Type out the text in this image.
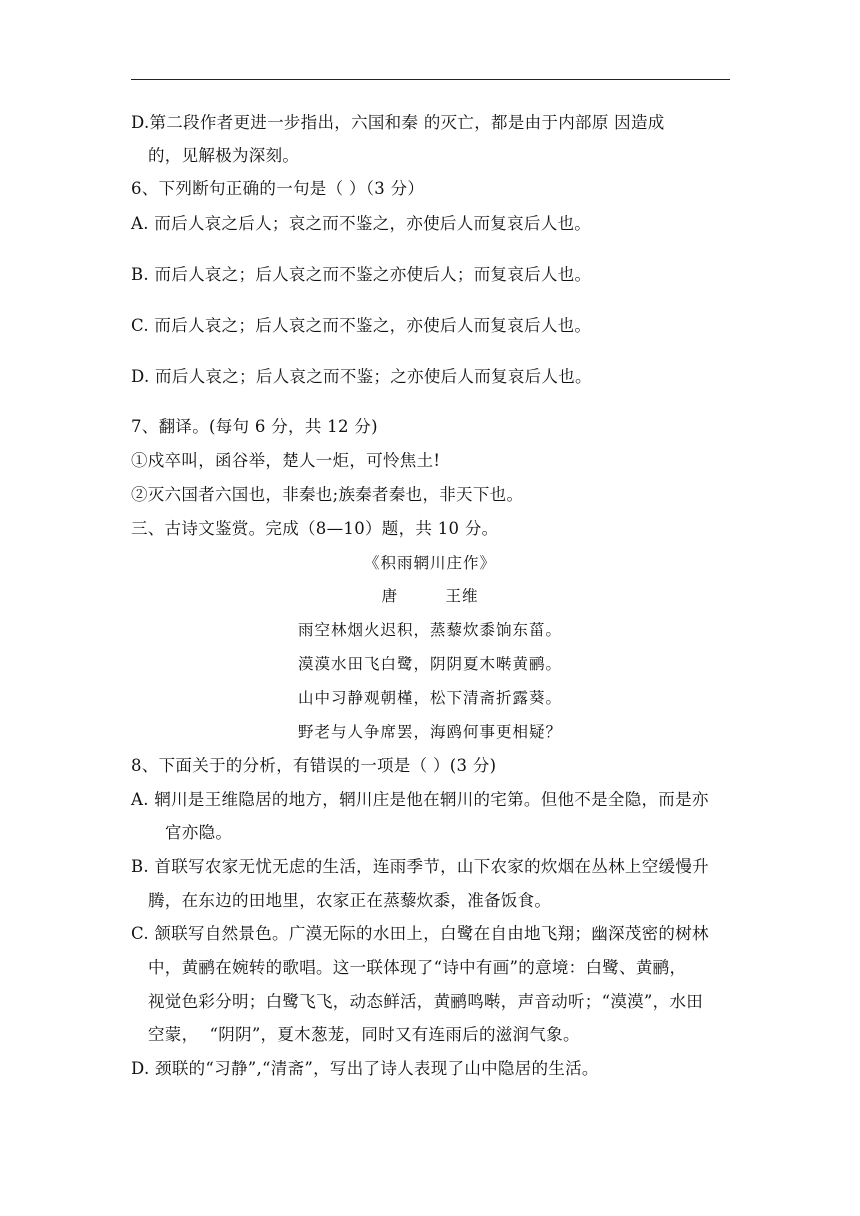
D.第二段作者更进一步指出，六国和秦 的灭亡，都是由于内部原 因造成
的，见解极为深刻。
6、下列断句正确的一句是（ ）（3 分）
A. 而后人哀之后人；哀之而不鉴之，亦使后人而复哀后人也。
B. 而后人哀之；后人哀之而不鉴之亦使后人；而复哀后人也。
C. 而后人哀之；后人哀之而不鉴之，亦使后人而复哀后人也。
D. 而后人哀之；后人哀之而不鉴；之亦使后人而复哀后人也。
7、翻译。(每句 6 分，共 12 分)
①戍卒叫，函谷举，楚人一炬，可怜焦土!
②灭六国者六国也，非秦也;族秦者秦也，非天下也。
三、古诗文鉴赏。完成（8—10）题，共 10 分。
《积雨辋川庄作》
唐        王维
雨空林烟火迟积，蒸藜炊黍饷东菑。
漠漠水田飞白鹭，阴阴夏木啭黄鹂。
山中习静观朝槿，松下清斋折露葵。
野老与人争席罢，海鸥何事更相疑？
8、下面关于的分析，有错误的一项是（ ）(3 分)
A. 辋川是王维隐居的地方，辋川庄是他在辋川的宅第。但他不是全隐，而是亦
官亦隐。
B. 首联写农家无忧无虑的生活，连雨季节，山下农家的炊烟在丛林上空缓慢升
腾，在东边的田地里，农家正在蒸藜炊黍，准备饭食。
C. 颔联写自然景色。广漠无际的水田上，白鹭在自由地飞翔；幽深茂密的树林
中，黄鹂在婉转的歌唱。这一联体现了“诗中有画”的意境：白鹭、黄鹂，
视觉色彩分明；白鹭飞飞，动态鲜活，黄鹂鸣啭，声音动听；“漠漠”，水田
空蒙，  “阴阴”，夏木葱茏，同时又有连雨后的滋润气象。
D. 颈联的“习静”,“清斋”，写出了诗人表现了山中隐居的生活。
